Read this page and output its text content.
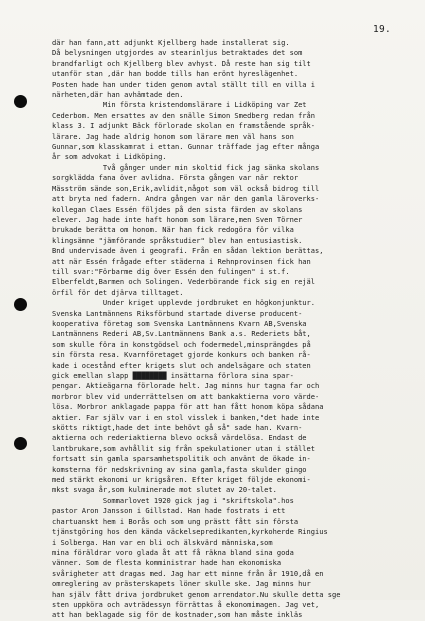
19.
där han fann,att adjunkt Kjellberg hade installerat sig.
Då belysningen utgjordes av stearinljus betraktades det som
brandfarligt och Kjellberg blev avhyst. Då reste han sig tilt
utanför stan ,där han bodde tills han erönt hyreslägenhet.
Posten hade han under tiden genom avtal ställt till en villa i
närheten,där han avhämtade den.
Min första kristendomslärare i Lidköping var Zet
Cederbom. Men ersattes av den snälle Simon Smedberg redan från
klass 3. I adjunkt Bäck förlorade skolan en framstående språk-
lärare. Jag hade aldrig honom som lärare men väl hans son
Gunnar,som klasskamrat i ettan. Gunnar träffade jag efter många
år som advokat i Lidköping.
Två gånger under min skoltid fick jag sänka skolans
sorgklädda fana över avlidna. Första gången var när rektor
Mäsström sände son,Erik,avlidit,något som väl också bidrog till
att bryta ned fadern. Andra gången var när den gamla läroverks-
kollegan Claes Essén följdes på den sista färden av skolans
elever. Jag hade inte haft honom som lärare,men Sven Törner
brukade berätta om honom. När han fick redogöra för vilka
klingsämne "jämförande språkstudier" blev han entusiastisk.
Bnd undervisade även i geografi. Från en sådan lektion berättas,
att när Essén frågade efter städerna i Rehnprovinsen fick han
till svar:"Förbarme dig över Essén den fulingen" i st.f.
Elberfeldt,Barmen och Solingen. Vederbörande fick sig en rejäl
örfil för det djärva tilltaget.
Under kriget upplevde jordbruket en högkonjunktur.
Svenska Lantmännens Riksförbund startade diverse producent-
kooperativa företag som Svenska Lantmännens Kvarn AB,Svenska
Lantmännens Rederi AB,Sv.Lantmännens Bank a.s. Rederiets båt,
som skulle föra in konstgödsel och fodermedel,minsprängdes på
sin första resa. Kvarnföretaget gjorde konkurs och banken rå-
kade i ocestånd efter krigets slut och andelsägare och staten
gick emellan slapp ████████ insättarna förlora sina spar-
pengar. Aktieägarna förlorade helt. Jag minns hur tagna far och
morbror blev vid underrättelsen om att bankaktierna voro värde-
lösa. Morbror anklagade pappa för att han fått honom köpa sådana
aktier. Far själv var i en stol visslek i banken,"det hade inte
skötts riktigt,hade det inte behövt gå så" sade han. Kvarn-
aktierna och rederiaktierna blevo också värdelösa. Endast de
lantbrukare,som avhållit sig från spekulationer utan i stället
fortsatt sin gamla sparsamhetspolitik och använt de ökade in-
komsterna för nedskrivning av sina gamla,fasta skulder gingo
med stärkt ekonomi ur krigsåren. Efter kriget följde ekonomi-
mkst svaga år,som kulminerade mot slutet av 20-talet.
Sommarlovet 1920 gick jag i "skriftskola".hos
pastor Aron Jansson i Gillstad. Han hade fostrats i ett
chartuanskt hem i Borås och som ung prästt fått sin första
tjänstgöring hos den kända väckelsepredikanten,kyrkoherde Ringius
i Solberga. Han var en bli och älskvärd människa,som
mina föräldrar voro glada åt att få räkna bland sina goda
vänner. Som de flesta komministrar hade han ekonomiska
svårigheter att dragas med. Jag har ett minne från år 1910,då en
omreglering av prästerskapets löner skulle ske. Jag minns hur
han själv fått driva jordbruket genom arrendator.Nu skulle detta sge
sten uppköra och avträdessyn förrättas å ekonomimagen. Jag vet,
att han beklagade sig för de kostnader,som han måste inkläs
